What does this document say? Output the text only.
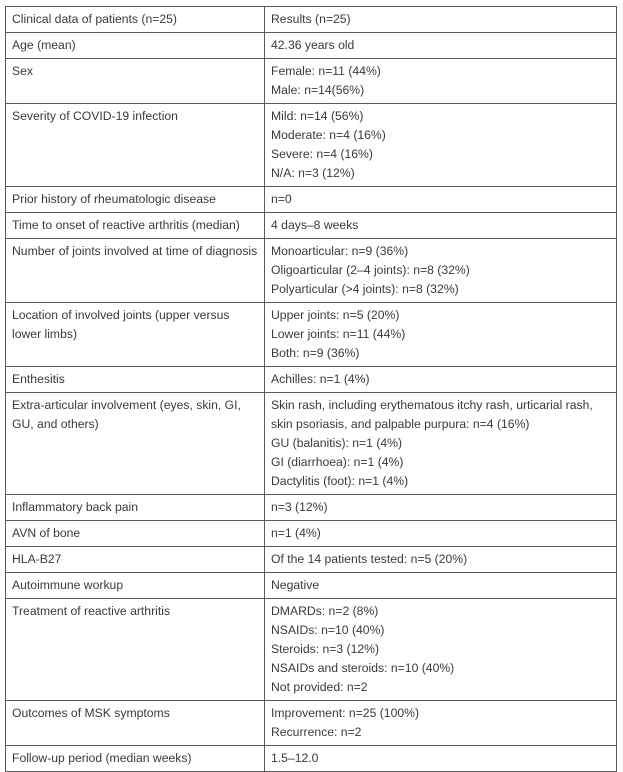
Clinical data of patients (n=25)	Results (n=25)
Age (mean)	42.36 years old

Sex	Female: n=11 (44%)
Male: n=14(56%)

Severity of COVID-19 infection	Mild: n=14 (56%)
Moderate: n=4 (16%)
Severe: n=4 (16%)
N/A: n=3 (12%)

Prior history of rheumatologic disease	n=0

Time to onset of reactive arthritis (median)	4 days–8 weeks

Number of joints involved at time of diagnosis	Monoarticular: n=9 (36%)
Oligoarticular (2–4 joints): n=8 (32%)
Polyarticular (>4 joints): n=8 (32%)

Location of involved joints (upper versus lower limbs)	Upper joints: n=5 (20%)
Lower joints: n=11 (44%)
Both: n=9 (36%)

Enthesitis	Achilles: n=1 (4%)

Extra-articular involvement (eyes, skin, GI, GU, and others)	Skin rash, including erythematous itchy rash, urticarial rash, skin psoriasis, and palpable purpura: n=4 (16%)
GU (balanitis): n=1 (4%)
GI (diarrhoea): n=1 (4%)
Dactylitis (foot): n=1 (4%)

Inflammatory back pain	n=3 (12%)

AVN of bone	n=1 (4%)

HLA-B27	Of the 14 patients tested: n=5 (20%)

Autoimmune workup	Negative

Treatment of reactive arthritis	DMARDs: n=2 (8%)
NSAIDs: n=10 (40%)
Steroids: n=3 (12%)
NSAIDs and steroids: n=10 (40%)
Not provided: n=2

Outcomes of MSK symptoms	Improvement: n=25 (100%)
Recurrence: n=2

Follow-up period (median weeks)	1.5–12.0
